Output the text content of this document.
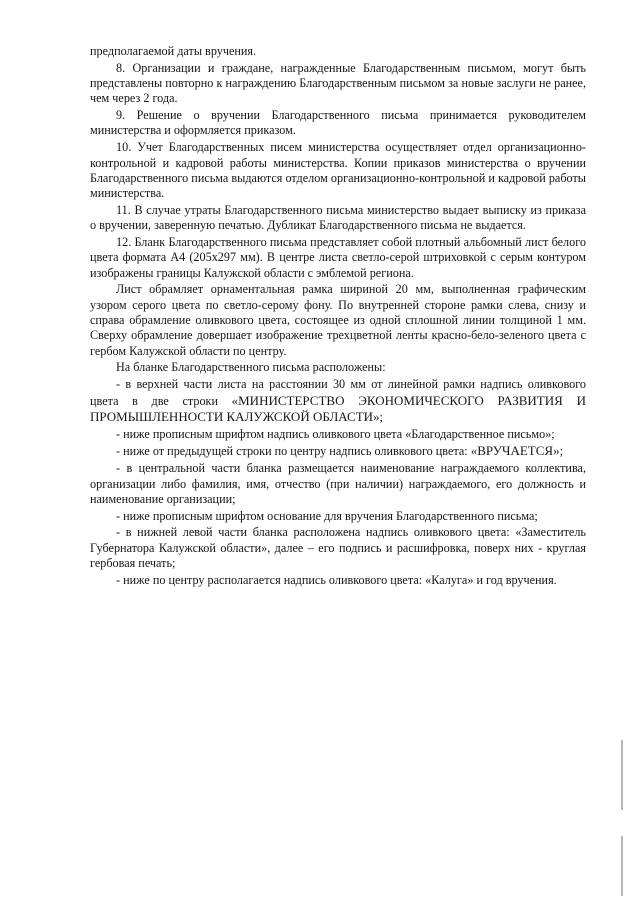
предполагаемой даты вручения.

8. Организации и граждане, награжденные Благодарственным письмом, могут быть представлены повторно к награждению Благодарственным письмом за новые заслуги не ранее, чем через 2 года.

9. Решение о вручении Благодарственного письма принимается руководителем министерства и оформляется приказом.

10. Учет Благодарственных писем министерства осуществляет отдел организационно-контрольной и кадровой работы министерства. Копии приказов министерства о вручении Благодарственного письма выдаются отделом организационно-контрольной и кадровой работы министерства.

11. В случае утраты Благодарственного письма министерство выдает выписку из приказа о вручении, заверенную печатью. Дубликат Благодарственного письма не выдается.

12. Бланк Благодарственного письма представляет собой плотный альбомный лист белого цвета формата А4 (205х297 мм). В центре листа светло-серой штриховкой с серым контуром изображены границы Калужской области с эмблемой региона.

Лист обрамляет орнаментальная рамка шириной 20 мм, выполненная графическим узором серого цвета по светло-серому фону. По внутренней стороне рамки слева, снизу и справа обрамление оливкового цвета, состоящее из одной сплошной линии толщиной 1 мм. Сверху обрамление довершает изображение трехцветной ленты красно-бело-зеленого цвета с гербом Калужской области по центру.

На бланке Благодарственного письма расположены:

- в верхней части листа на расстоянии 30 мм от линейной рамки надпись оливкового цвета в две строки «МИНИСТЕРСТВО ЭКОНОМИЧЕСКОГО РАЗВИТИЯ И ПРОМЫШЛЕННОСТИ КАЛУЖСКОЙ ОБЛАСТИ»;

- ниже прописным шрифтом надпись оливкового цвета «Благодарственное письмо»;

- ниже от предыдущей строки по центру надпись оливкового цвета: «ВРУЧАЕТСЯ»;

- в центральной части бланка размещается наименование награждаемого коллектива, организации либо фамилия, имя, отчество (при наличии) награждаемого, его должность и наименование организации;

- ниже прописным шрифтом основание для вручения Благодарственного письма;

- в нижней левой части бланка расположена надпись оливкового цвета: «Заместитель Губернатора Калужской области», далее – его подпись и расшифровка, поверх них - круглая гербовая печать;

- ниже по центру располагается надпись оливкового цвета: «Калуга» и год вручения.
